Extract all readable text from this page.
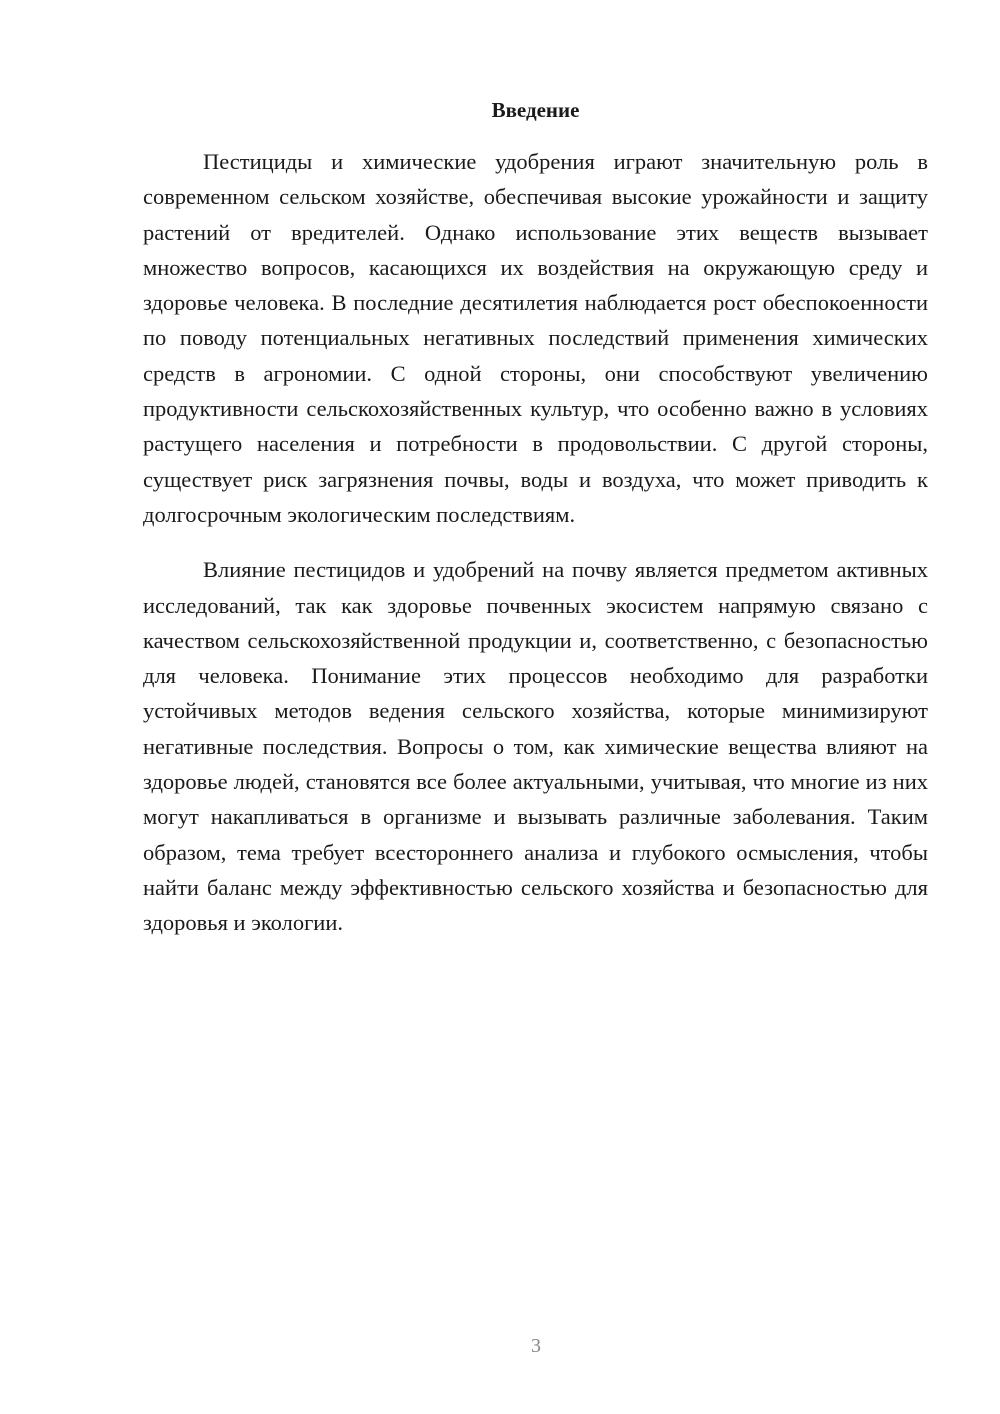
Введение

Пестициды и химические удобрения играют значительную роль в современном сельском хозяйстве, обеспечивая высокие урожайности и защиту растений от вредителей. Однако использование этих веществ вызывает множество вопросов, касающихся их воздействия на окружающую среду и здоровье человека. В последние десятилетия наблюдается рост обеспокоенности по поводу потенциальных негативных последствий применения химических средств в агрономии. С одной стороны, они способствуют увеличению продуктивности сельскохозяйственных культур, что особенно важно в условиях растущего населения и потребности в продовольствии. С другой стороны, существует риск загрязнения почвы, воды и воздуха, что может приводить к долгосрочным экологическим последствиям.

Влияние пестицидов и удобрений на почву является предметом активных исследований, так как здоровье почвенных экосистем напрямую связано с качеством сельскохозяйственной продукции и, соответственно, с безопасностью для человека. Понимание этих процессов необходимо для разработки устойчивых методов ведения сельского хозяйства, которые минимизируют негативные последствия. Вопросы о том, как химические вещества влияют на здоровье людей, становятся все более актуальными, учитывая, что многие из них могут накапливаться в организме и вызывать различные заболевания. Таким образом, тема требует всестороннего анализа и глубокого осмысления, чтобы найти баланс между эффективностью сельского хозяйства и безопасностью для здоровья и экологии.

3
